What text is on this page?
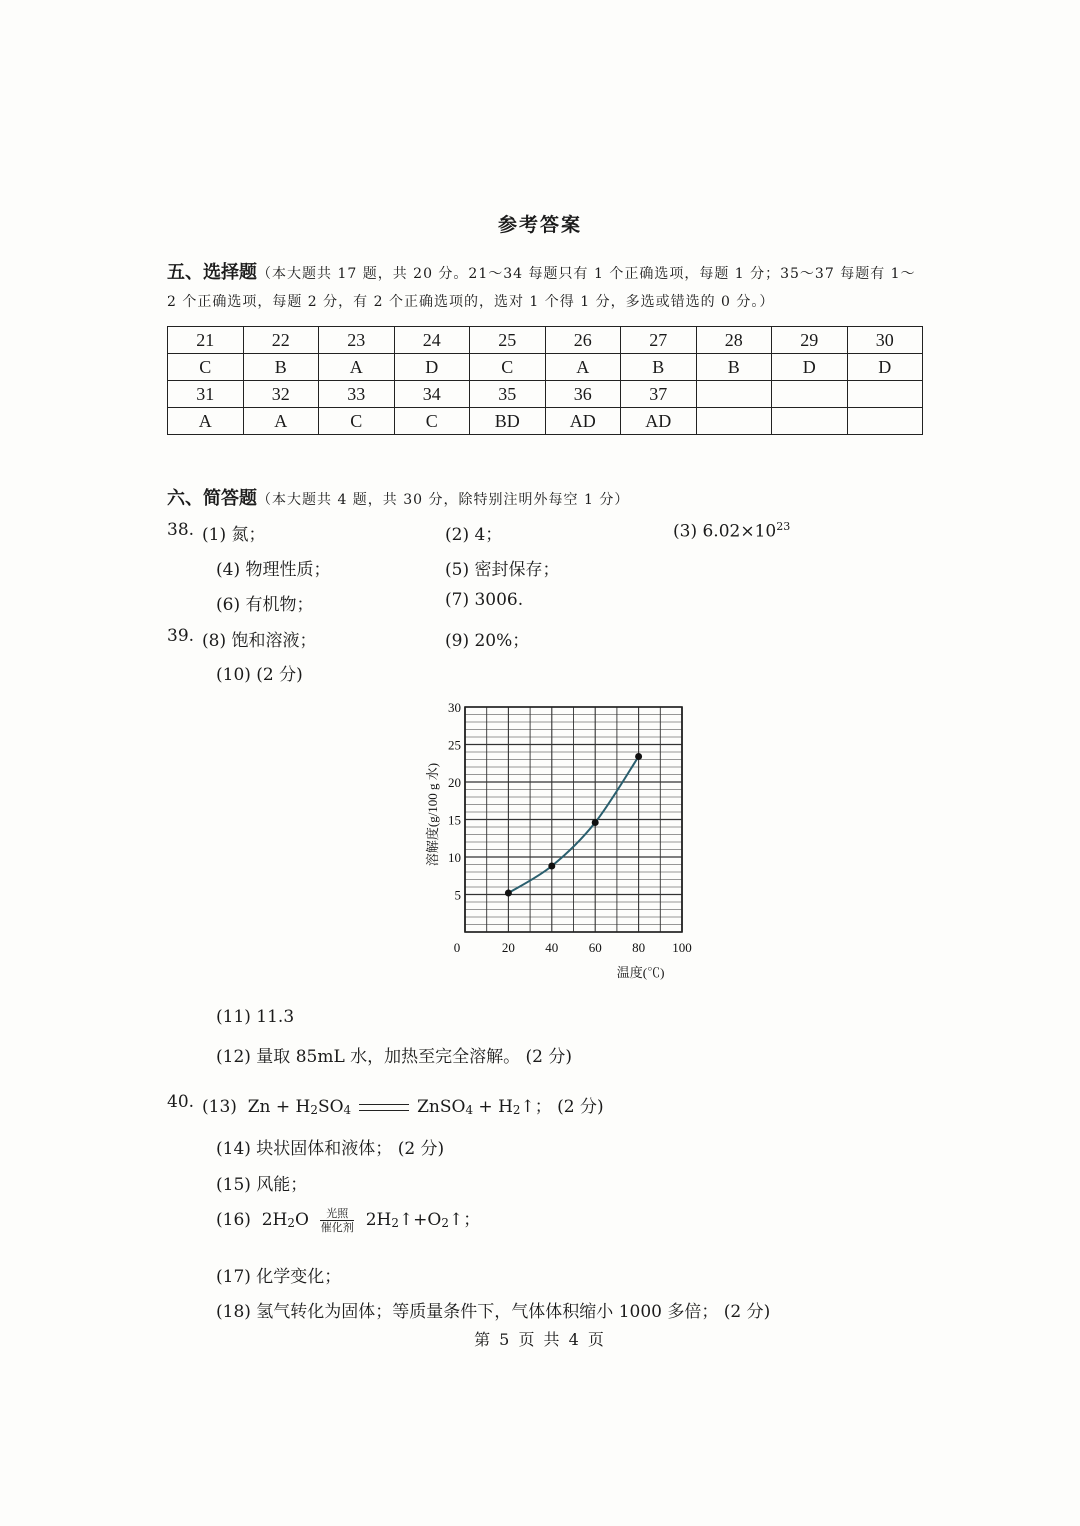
参考答案
五、选择题（本大题共 17 题，共 20 分。21～34 每题只有 1 个正确选项，每题 1 分；35～37 每题有 1～
2 个正确选项，每题 2 分，有 2 个正确选项的，选对 1 个得 1 分，多选或错选的 0 分。）
21	22	23	24	25	26	27	28	29	30
C	B	A	D	C	A	B	B	D	D
31	32	33	34	35	36	37			
A	A	C	C	BD	AD	AD			
六、简答题（本大题共 4 题，共 30 分，除特别注明外每空 1 分）
38. (1) 氮；	(2) 4；	(3) $6.02\times 10^{23}$
(4) 物理性质；	(5) 密封保存；
(6) 有机物；	(7) 3006.
39. (8) 饱和溶液；	(9) 20%；
(10) (2 分)
5
10
15
20
25
30
0	20 40 60 80 100
温度(℃)
溶解度(g/100 g 水)
(11) 11.3
(12) 量取 85mL 水，加热至完全溶解。 (2 分)
40. (13) Zn + H2SO4	ZnSO4 + H2↑； (2 分)
(14) 块状固体和液体； (2 分)
(15) 风能；
(16) 2H2O	光照
催化剂 2H2↑+O2↑；
(17) 化学变化；
(18) 氢气转化为固体；等质量条件下，气体体积缩小 1000 多倍； (2 分)
第 5 页 共 4 页
